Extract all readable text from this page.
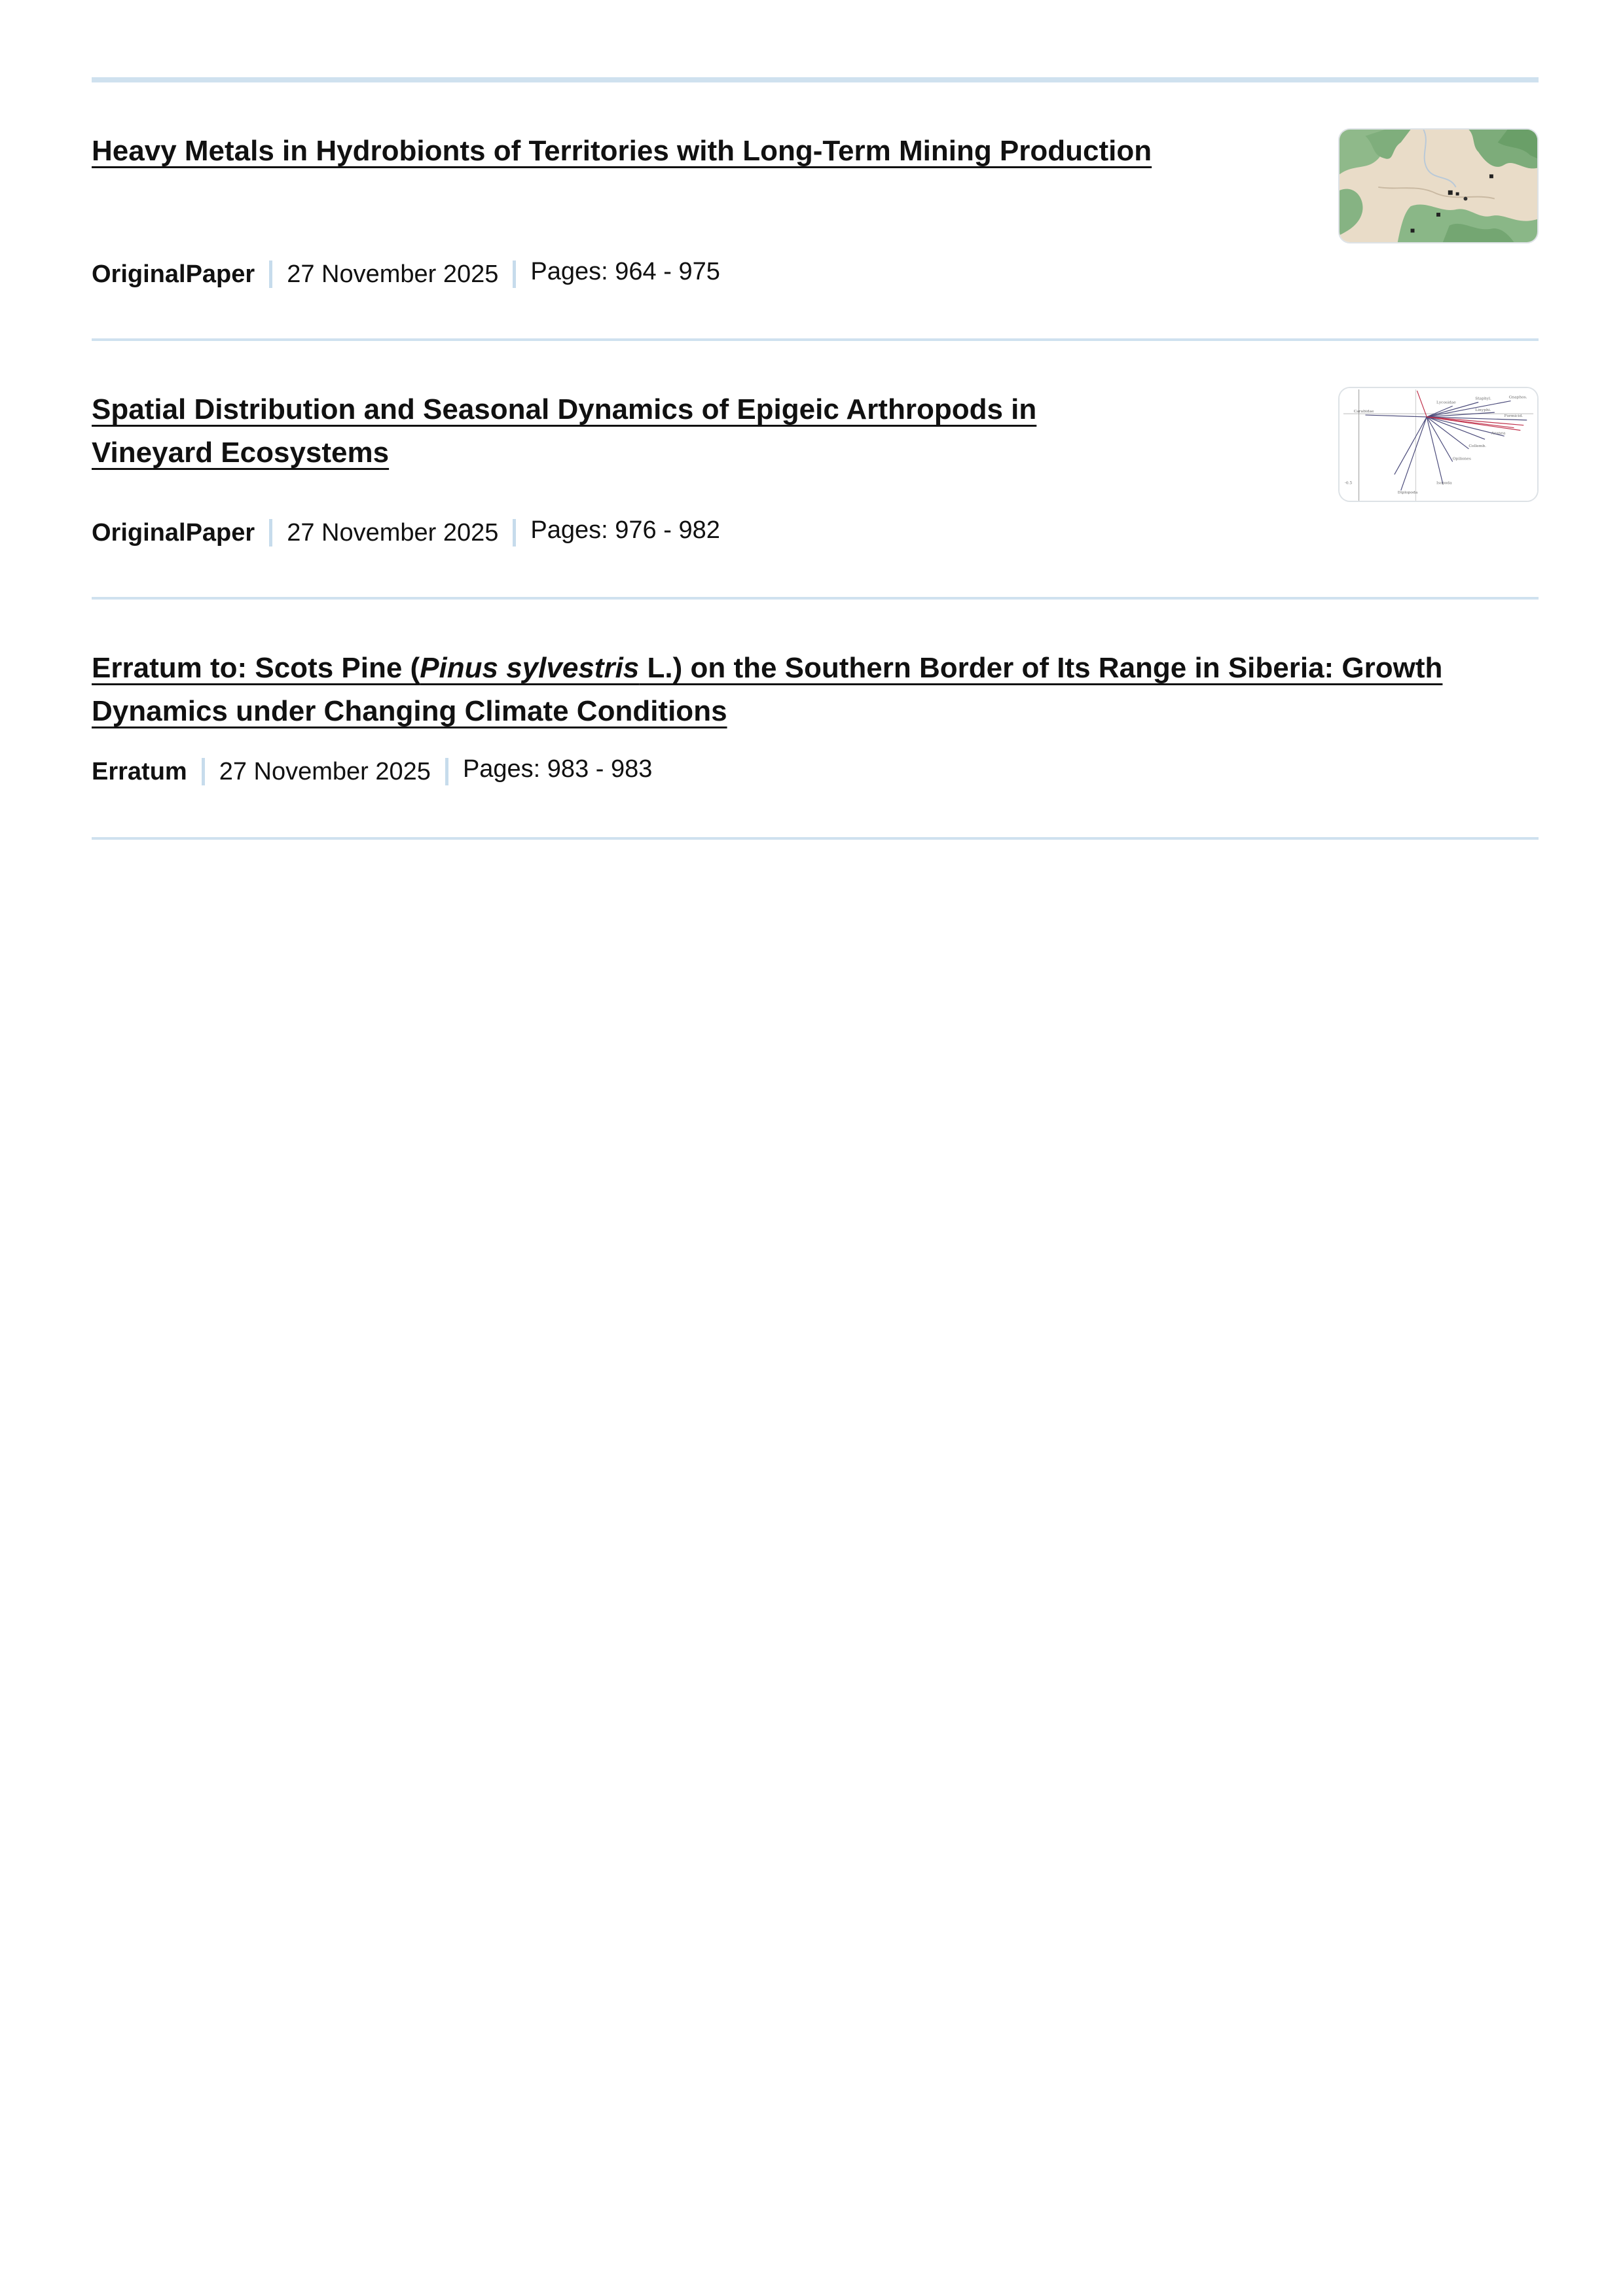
Heavy Metals in Hydrobionts of Territories with Long-Term Mining Production
OriginalPaper 27 November 2025 Pages: 964 - 975
Spatial Distribution and Seasonal Dynamics of Epigeic Arthropods in Vineyard Ecosystems
Carabidae
Lycosidae
Staphyl.	Gnaphos.
Linyphi.
Formicid.
Aranea
Opiliones
Isopoda
Diplopoda
Collemb.
-0.5
OriginalPaper 27 November 2025 Pages: 976 - 982
Erratum to: Scots Pine (Pinus sylvestris L.) on the Southern Border of Its Range in Siberia: Growth Dynamics under Changing Climate Conditions
Erratum 27 November 2025 Pages: 983 - 983
